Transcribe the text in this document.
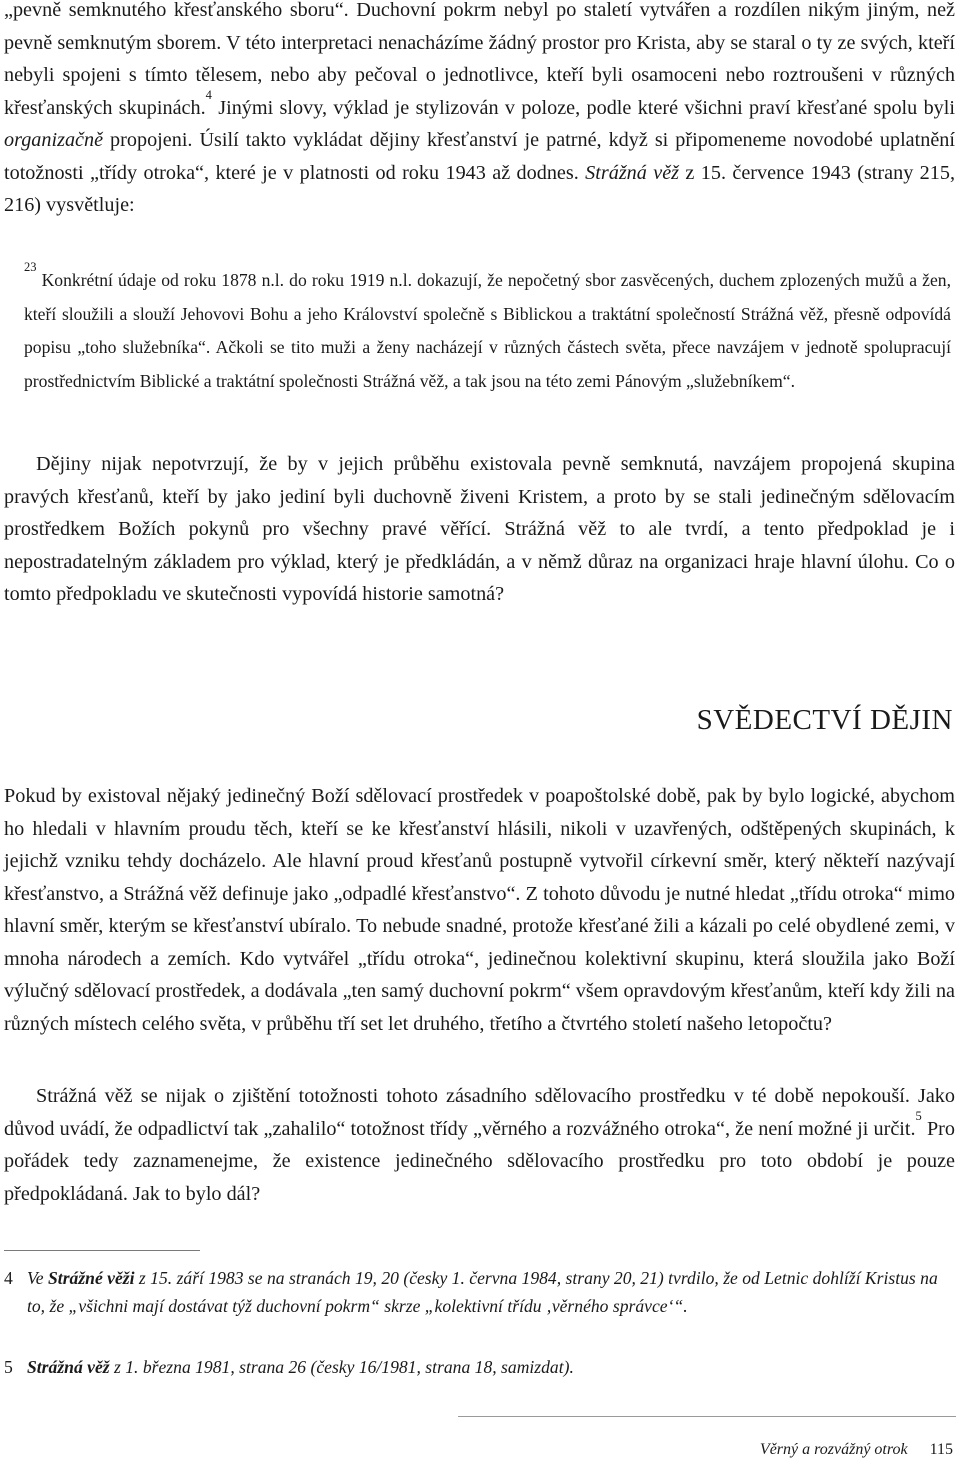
„pevně semknutého křesťanského sboru“. Duchovní pokrm nebyl po staletí vytvářen a rozdílen nikým jiným, než pevně semknutým sborem. V této interpretaci nenacházíme žádný prostor pro Krista, aby se staral o ty ze svých, kteří nebyli spojeni s tímto tělesem, nebo aby pečoval o jednotlivce, kteří byli osamoceni nebo roztroušeni v různých křesťanských skupinách.$^4$ Jinými slovy, výklad je stylizován v poloze, podle které všichni praví křesťané spolu byli organizačně propojeni. Úsilí takto vykládat dějiny křesťanství je patrné, když si připomeneme novodobé uplatnění totožnosti „třídy otroka“, které je v platnosti od roku 1943 až dodnes. Strážná věž z 15. července 1943 (strany 215, 216) vysvětluje:

$^{23}$ Konkrétní údaje od roku 1878 n.l. do roku 1919 n.l. dokazují, že nepočetný sbor zasvěcených, duchem zplozených mužů a žen, kteří sloužili a slouží Jehovovi Bohu a jeho Království společně s Biblickou a traktátní společností Strážná věž, přesně odpovídá popisu „toho služebníka“. Ačkoli se tito muži a ženy nacházejí v různých částech světa, přece navzájem v jednotě spolupracují prostřednictvím Biblické a traktátní společnosti Strážná věž, a tak jsou na této zemi Pánovým „služebníkem“.

Dějiny nijak nepotvrzují, že by v jejich průběhu existovala pevně semknutá, navzájem propojená skupina pravých křesťanů, kteří by jako jediní byli duchovně živeni Kristem, a proto by se stali jedinečným sdělovacím prostředkem Božích pokynů pro všechny pravé věřící. Strážná věž to ale tvrdí, a tento předpoklad je i nepostradatelným základem pro výklad, který je předkládán, a v němž důraz na organizaci hraje hlavní úlohu. Co o tomto předpokladu ve skutečnosti vypovídá historie samotná?

SVĚDECTVÍ DĚJIN

Pokud by existoval nějaký jedinečný Boží sdělovací prostředek v poapoštolské době, pak by bylo logické, abychom ho hledali v hlavním proudu těch, kteří se ke křesťanství hlásili, nikoli v uzavřených, odštěpených skupinách, k jejichž vzniku tehdy docházelo. Ale hlavní proud křesťanů postupně vytvořil církevní směr, který někteří nazývají křesťanstvo, a Strážná věž definuje jako „odpadlé křesťanstvo“. Z tohoto důvodu je nutné hledat „třídu otroka“ mimo hlavní směr, kterým se křesťanství ubíralo. To nebude snadné, protože křesťané žili a kázali po celé obydlené zemi, v mnoha národech a zemích. Kdo vytvářel „třídu otroka“, jedinečnou kolektivní skupinu, která sloužila jako Boží výlučný sdělovací prostředek, a dodávala „ten samý duchovní pokrm“ všem opravdovým křesťanům, kteří kdy žili na různých místech celého světa, v průběhu tří set let druhého, třetího a čtvrtého století našeho letopočtu?

Strážná věž se nijak o zjištění totožnosti tohoto zásadního sdělovacího prostředku v té době nepokouší. Jako důvod uvádí, že odpadlictví tak „zahalilo“ totožnost třídy „věrného a rozvážného otroka“, že není možné ji určit.$^5$ Pro pořádek tedy zaznamenejme, že existence jedinečného sdělovacího prostředku pro toto období je pouze předpokládaná. Jak to bylo dál?

4 Ve Strážné věži z 15. září 1983 se na stranách 19, 20 (česky 1. června 1984, strany 20, 21) tvrdilo, že od Letnic dohlíží Kristus na to, že „všichni mají dostávat týž duchovní pokrm“ skrze „kolektivní třídu ‚věrného správce‘“.

5 Strážná věž z 1. března 1981, strana 26 (česky 16/1981, strana 18, samizdat).

Věrný a rozvážný otrok 115
